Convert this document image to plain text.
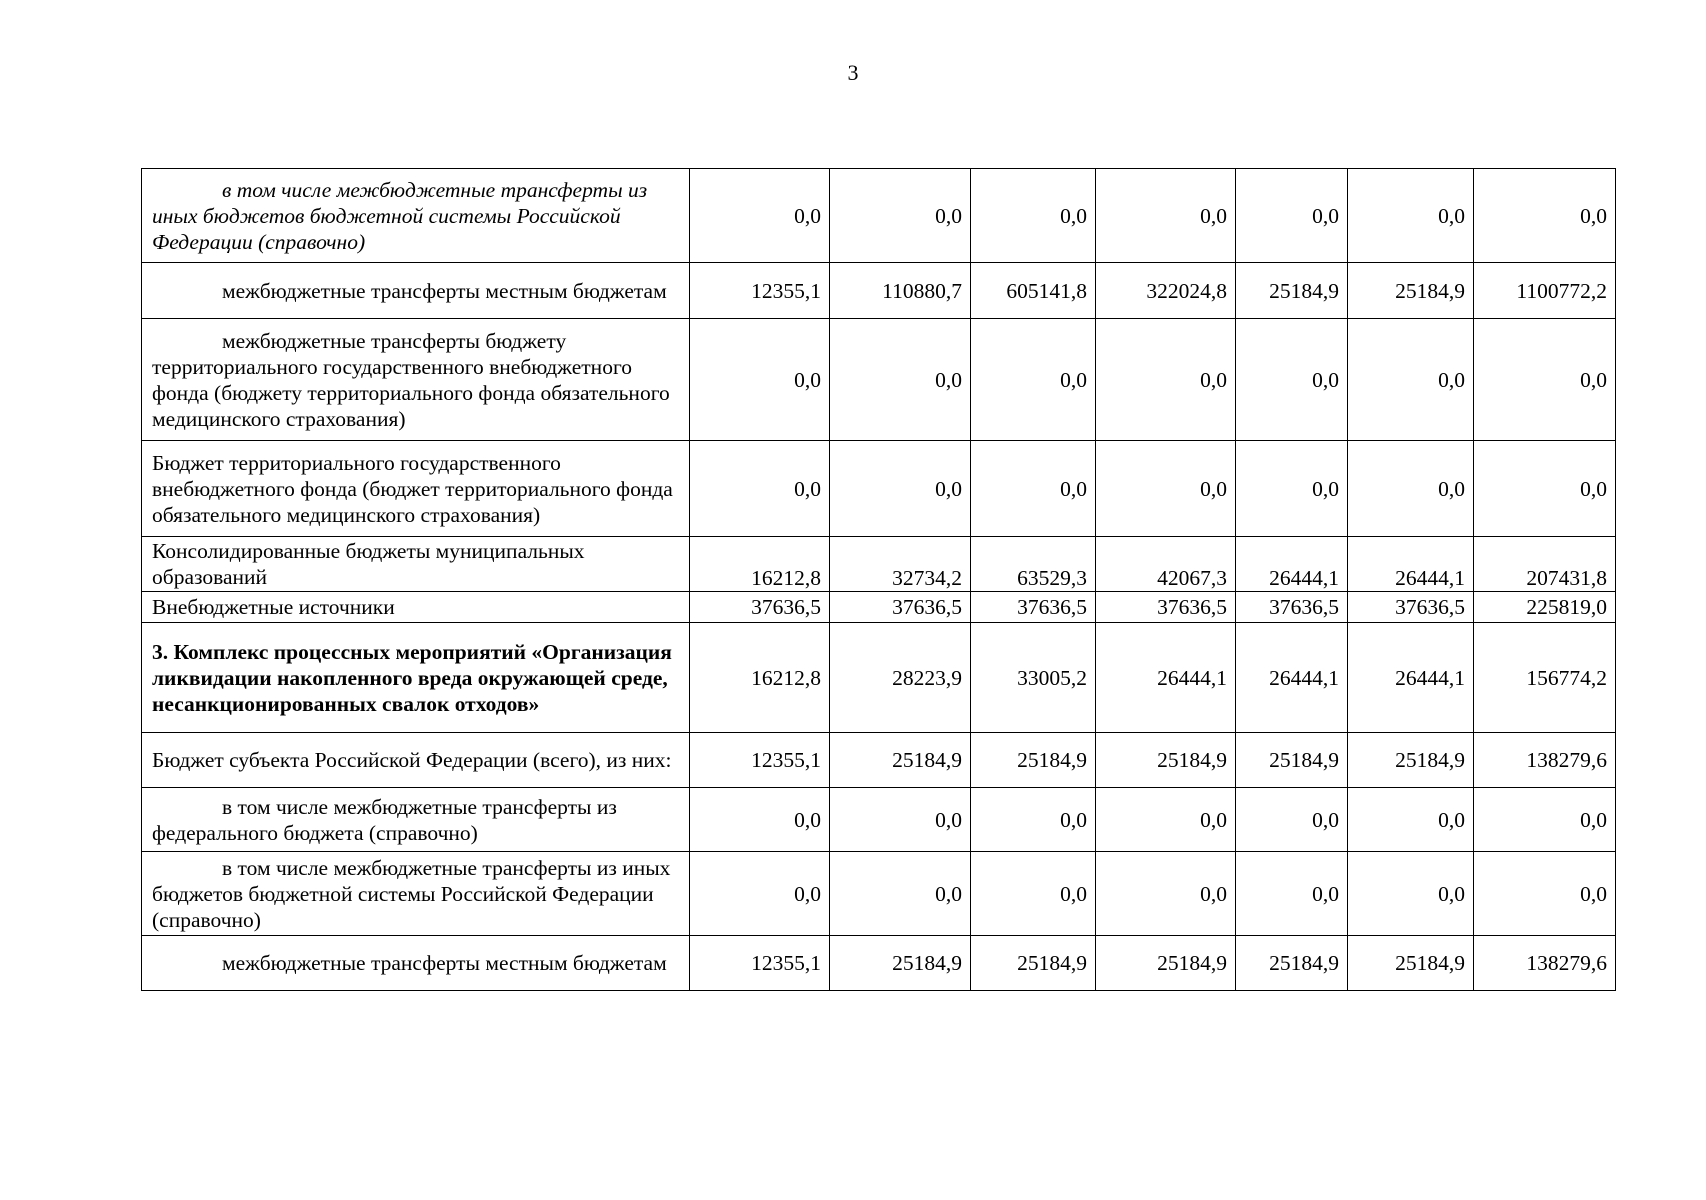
3
в том числе межбюджетные трансферты из иных бюджетов бюджетной системы Российской Федерации (справочно)	0,0	0,0	0,0	0,0	0,0	0,0	0,0
межбюджетные трансферты местным бюджетам	12355,1	110880,7	605141,8	322024,8	25184,9	25184,9	1100772,2
межбюджетные трансферты бюджету территориального государственного внебюджетного фонда (бюджету территориального фонда обязательного медицинского страхования)	0,0	0,0	0,0	0,0	0,0	0,0	0,0
Бюджет территориального государственного внебюджетного фонда (бюджет территориального фонда обязательного медицинского страхования)	0,0	0,0	0,0	0,0	0,0	0,0	0,0
Консолидированные бюджеты муниципальных образований	16212,8	32734,2	63529,3	42067,3	26444,1	26444,1	207431,8
Внебюджетные источники	37636,5	37636,5	37636,5	37636,5	37636,5	37636,5	225819,0
3. Комплекс процессных мероприятий «Организация ликвидации накопленного вреда окружающей среде, несанкционированных свалок отходов»	16212,8	28223,9	33005,2	26444,1	26444,1	26444,1	156774,2
Бюджет субъекта Российской Федерации (всего), из них:	12355,1	25184,9	25184,9	25184,9	25184,9	25184,9	138279,6
в том числе межбюджетные трансферты из федерального бюджета (справочно)	0,0	0,0	0,0	0,0	0,0	0,0	0,0
в том числе межбюджетные трансферты из иных бюджетов бюджетной системы Российской Федерации (справочно)	0,0	0,0	0,0	0,0	0,0	0,0	0,0
межбюджетные трансферты местным бюджетам	12355,1	25184,9	25184,9	25184,9	25184,9	25184,9	138279,6
